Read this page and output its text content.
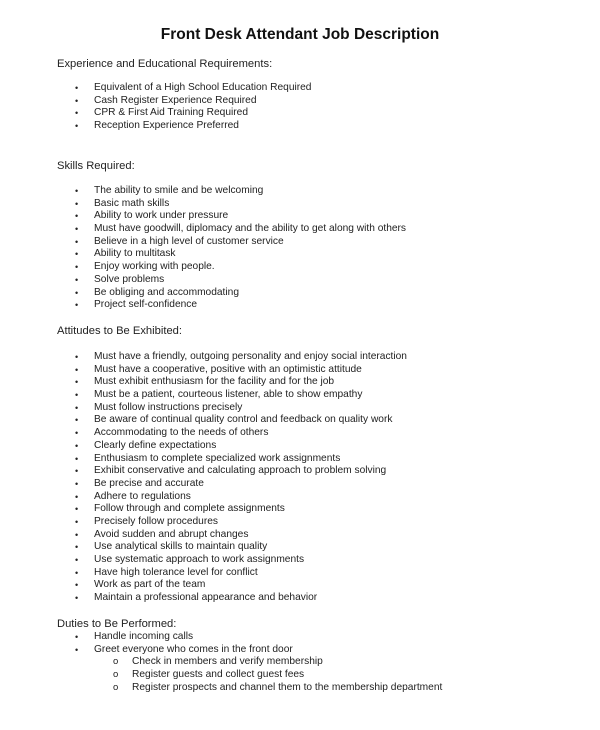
Front Desk Attendant Job Description
Experience and Educational Requirements:
• Equivalent of a High School Education Required
• Cash Register Experience Required
• CPR & First Aid Training Required
• Reception Experience Preferred
Skills Required:
• The ability to smile and be welcoming
• Basic math skills
• Ability to work under pressure
• Must have goodwill, diplomacy and the ability to get along with others
• Believe in a high level of customer service
• Ability to multitask
• Enjoy working with people.
• Solve problems
• Be obliging and accommodating
• Project self-confidence
Attitudes to Be Exhibited:
• Must have a friendly, outgoing personality and enjoy social interaction
• Must have a cooperative, positive with an optimistic attitude
• Must exhibit enthusiasm for the facility and for the job
• Must be a patient, courteous listener, able to show empathy
• Must follow instructions precisely
• Be aware of continual quality control and feedback on quality work
• Accommodating to the needs of others
• Clearly define expectations
• Enthusiasm to complete specialized work assignments
• Exhibit conservative and calculating approach to problem solving
• Be precise and accurate
• Adhere to regulations
• Follow through and complete assignments
• Precisely follow procedures
• Avoid sudden and abrupt changes
• Use analytical skills to maintain quality
• Use systematic approach to work assignments
• Have high tolerance level for conflict
• Work as part of the team
• Maintain a professional appearance and behavior
Duties to Be Performed:
• Handle incoming calls
• Greet everyone who comes in the front door
o Check in members and verify membership
o Register guests and collect guest fees
o Register prospects and channel them to the membership department
